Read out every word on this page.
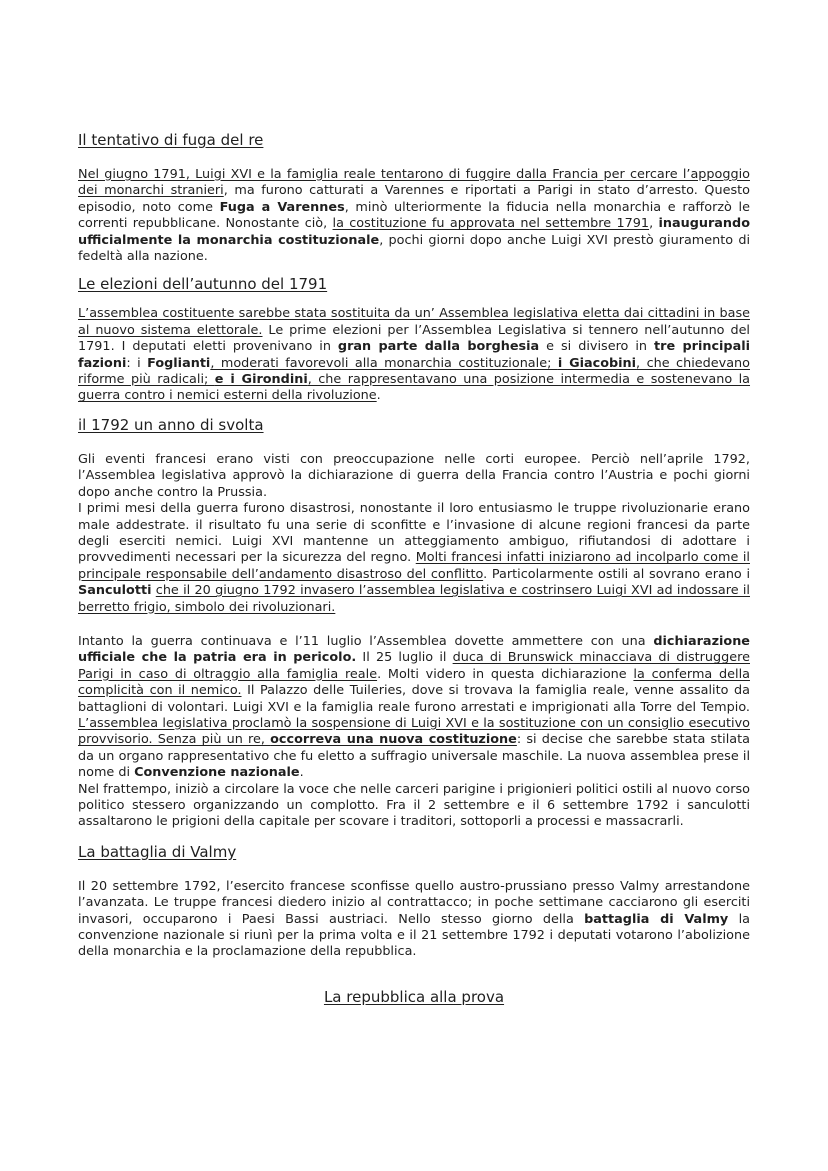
Il tentativo di fuga del re

Nel giugno 1791, Luigi XVI e la famiglia reale tentarono di fuggire dalla Francia per cercare l’appoggio dei monarchi stranieri, ma furono catturati a Varennes e riportati a Parigi in stato d’arresto. Questo episodio, noto come Fuga a Varennes, minò ulteriormente la fiducia nella monarchia e rafforzò le correnti repubblicane. Nonostante ciò, la costituzione fu approvata nel settembre 1791, inaugurando ufficialmente la monarchia costituzionale, pochi giorni dopo anche Luigi XVI prestò giuramento di fedeltà alla nazione.

Le elezioni dell’autunno del 1791

L’assemblea costituente sarebbe stata sostituita da un’ Assemblea legislativa eletta dai cittadini in base al nuovo sistema elettorale. Le prime elezioni per l’Assemblea Legislativa si tennero nell’autunno del 1791. I deputati eletti provenivano in gran parte dalla borghesia e si divisero in tre principali fazioni: i Foglianti, moderati favorevoli alla monarchia costituzionale; i Giacobini, che chiedevano riforme più radicali; e i Girondini, che rappresentavano una posizione intermedia e sostenevano la guerra contro i nemici esterni della rivoluzione.

il 1792 un anno di svolta

Gli eventi francesi erano visti con preoccupazione nelle corti europee. Perciò nell’aprile 1792, l’Assemblea legislativa approvò la dichiarazione di guerra della Francia contro l’Austria e pochi giorni dopo anche contro la Prussia.
I primi mesi della guerra furono disastrosi, nonostante il loro entusiasmo le truppe rivoluzionarie erano male addestrate. il risultato fu una serie di sconfitte e l’invasione di alcune regioni francesi da parte degli eserciti nemici. Luigi XVI mantenne un atteggiamento ambiguo, rifiutandosi di adottare i provvedimenti necessari per la sicurezza del regno. Molti francesi infatti iniziarono ad incolparlo come il principale responsabile dell’andamento disastroso del conflitto. Particolarmente ostili al sovrano erano i Sanculotti che il 20 giugno 1792 invasero l’assemblea legislativa e costrinsero Luigi XVI ad indossare il berretto frigio, simbolo dei rivoluzionari.

Intanto la guerra continuava e l’11 luglio l’Assemblea dovette ammettere con una dichiarazione ufficiale che la patria era in pericolo. Il 25 luglio il duca di Brunswick minacciava di distruggere Parigi in caso di oltraggio alla famiglia reale. Molti videro in questa dichiarazione la conferma della complicità con il nemico. Il Palazzo delle Tuileries, dove si trovava la famiglia reale, venne assalito da battaglioni di volontari. Luigi XVI e la famiglia reale furono arrestati e imprigionati alla Torre del Tempio. L’assemblea legislativa proclamò la sospensione di Luigi XVI e la sostituzione con un consiglio esecutivo provvisorio. Senza più un re, occorreva una nuova costituzione: si decise che sarebbe stata stilata da un organo rappresentativo che fu eletto a suffragio universale maschile. La nuova assemblea prese il nome di Convenzione nazionale.
Nel frattempo, iniziò a circolare la voce che nelle carceri parigine i prigionieri politici ostili al nuovo corso politico stessero organizzando un complotto. Fra il 2 settembre e il 6 settembre 1792 i sanculotti assaltarono le prigioni della capitale per scovare i traditori, sottoporli a processi e massacrarli.

La battaglia di Valmy

Il 20 settembre 1792, l’esercito francese sconfisse quello austro-prussiano presso Valmy arrestandone l’avanzata. Le truppe francesi diedero inizio al contrattacco; in poche settimane cacciarono gli eserciti invasori, occuparono i Paesi Bassi austriaci. Nello stesso giorno della battaglia di Valmy la convenzione nazionale si riunì per la prima volta e il 21 settembre 1792 i deputati votarono l’abolizione della monarchia e la proclamazione della repubblica.

La repubblica alla prova
